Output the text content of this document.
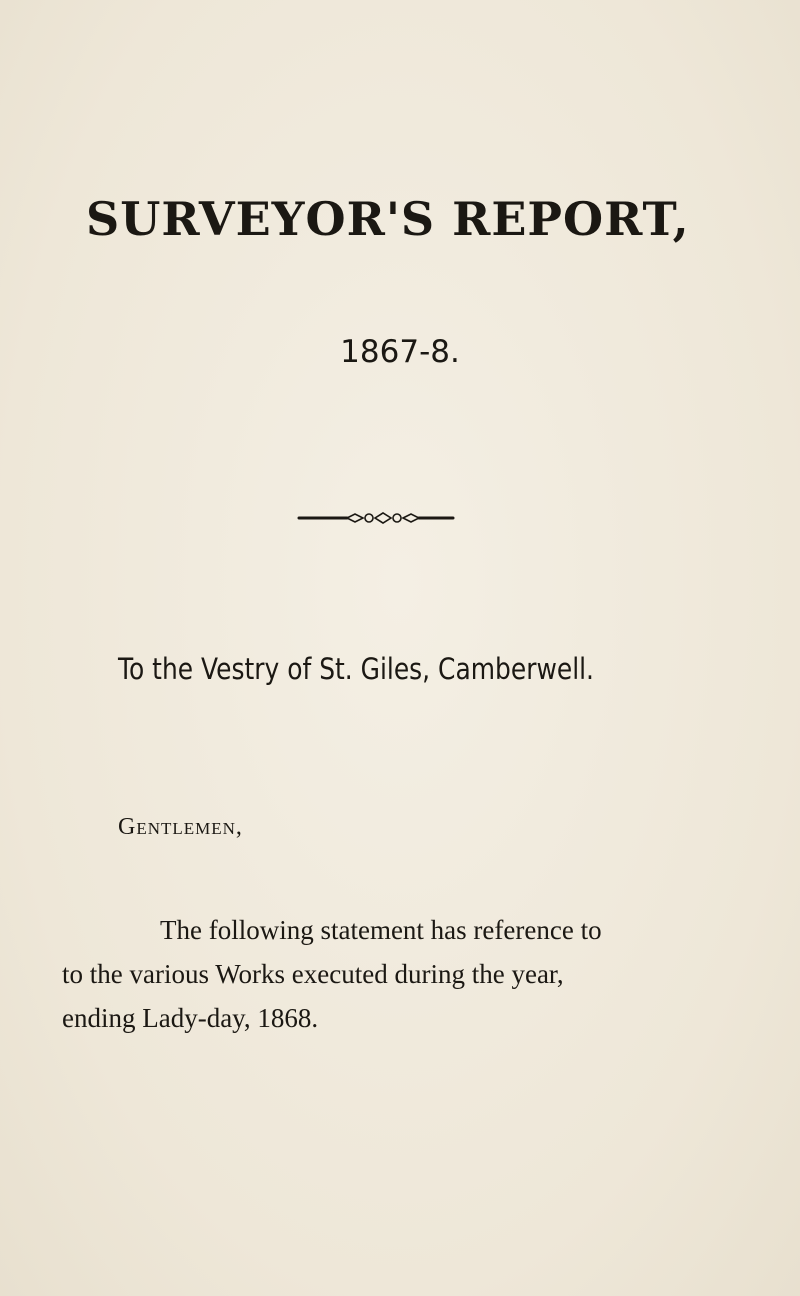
SURVEYOR'S REPORT,
1867-8.
To the Vestry of St. Giles, Camberwell.
Gentlemen,
The following statement has reference to
to the various Works executed during the year,
ending Lady-day, 1868.
